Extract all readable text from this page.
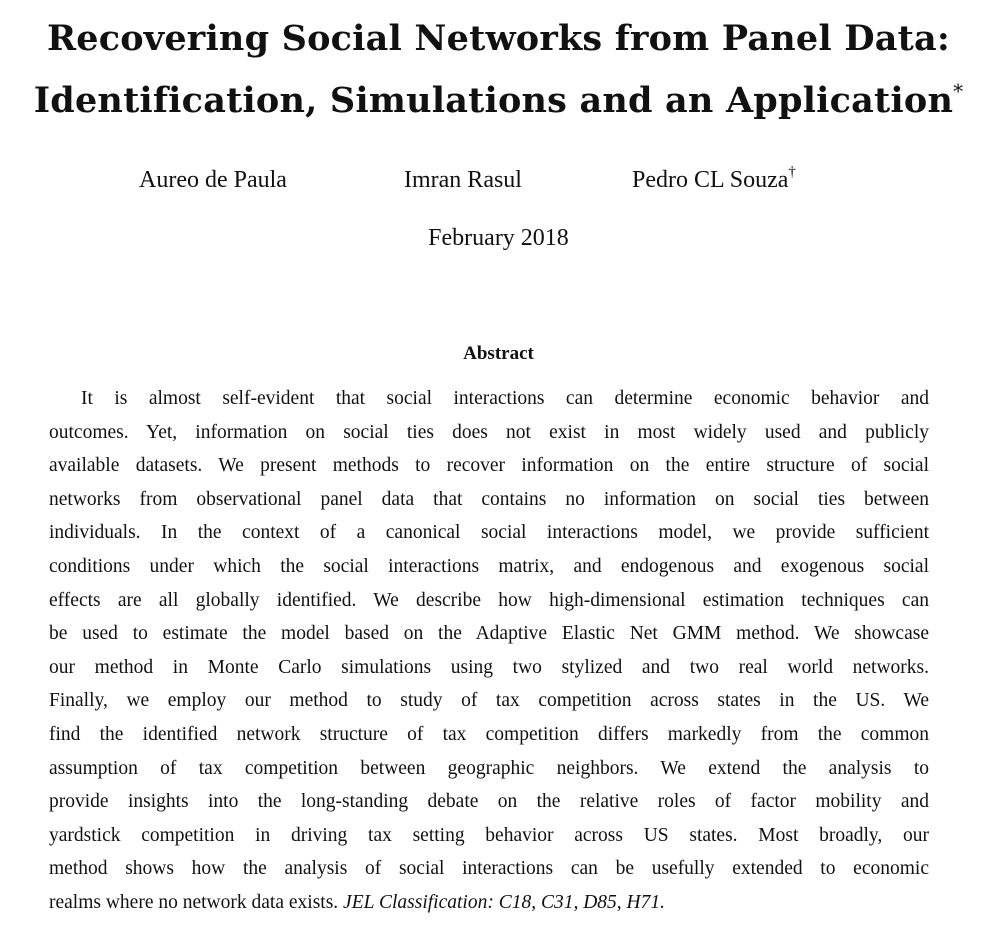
Recovering Social Networks from Panel Data:
Identification, Simulations and an Application*
Aureo de Paula	Imran Rasul	Pedro CL Souza†
February 2018
Abstract
It is almost self-evident that social interactions can determine economic behavior and
outcomes. Yet, information on social ties does not exist in most widely used and publicly
available datasets. We present methods to recover information on the entire structure of social
networks from observational panel data that contains no information on social ties between
individuals. In the context of a canonical social interactions model, we provide sufficient
conditions under which the social interactions matrix, and endogenous and exogenous social
effects are all globally identified. We describe how high-dimensional estimation techniques can
be used to estimate the model based on the Adaptive Elastic Net GMM method. We showcase
our method in Monte Carlo simulations using two stylized and two real world networks.
Finally, we employ our method to study of tax competition across states in the US. We
find the identified network structure of tax competition differs markedly from the common
assumption of tax competition between geographic neighbors. We extend the analysis to
provide insights into the long-standing debate on the relative roles of factor mobility and
yardstick competition in driving tax setting behavior across US states. Most broadly, our
method shows how the analysis of social interactions can be usefully extended to economic
realms where no network data exists. JEL Classification: C18, C31, D85, H71.
